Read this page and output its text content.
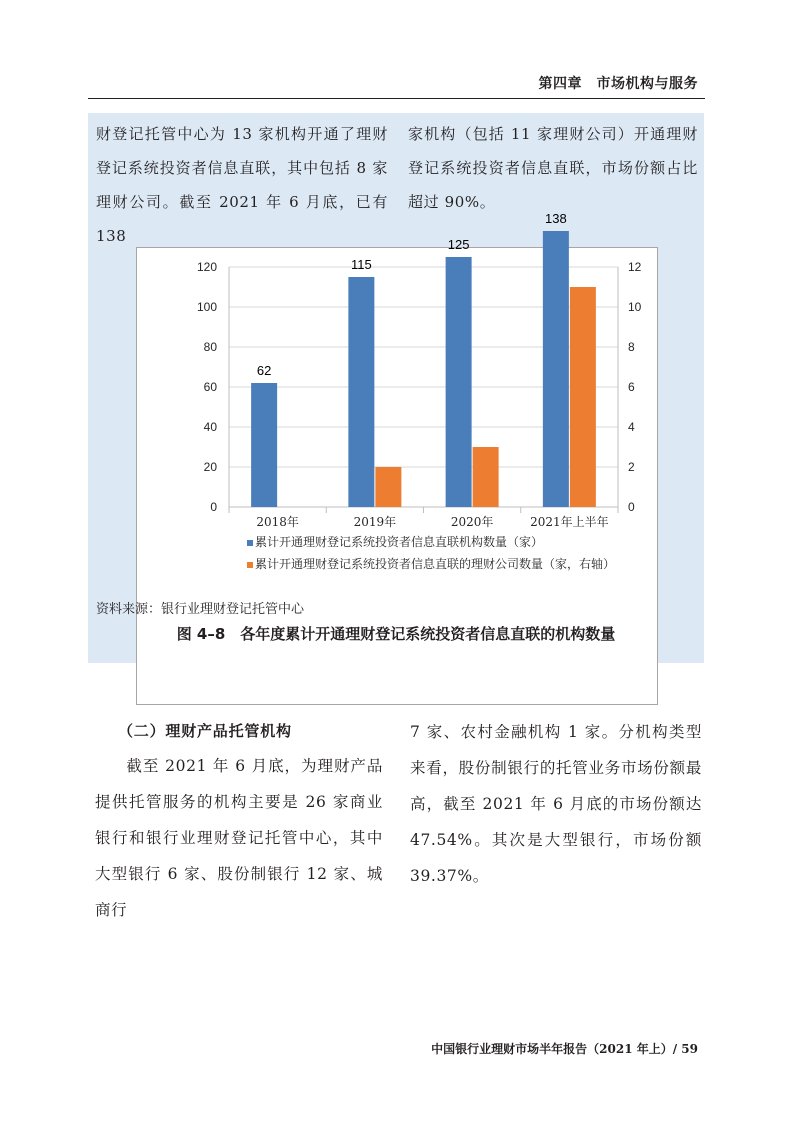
第四章　市场机构与服务
财登记托管中心为 13 家机构开通了理财登记系统投资者信息直联，其中包括 8 家理财公司。截至 2021 年 6 月底，已有 138
家机构（包括 11 家理财公司）开通理财登记系统投资者信息直联，市场份额占比超过 90%。
0
20
40
60
80
100
120
0
2
4
6
8
10
12
2018年
62
2019年
115
2020年
125
2021年上半年
138
累计开通理财登记系统投资者信息直联机构数量（家）
累计开通理财登记系统投资者信息直联的理财公司数量（家，右轴）
资料来源：银行业理财登记托管中心
图 4–8　各年度累计开通理财登记系统投资者信息直联的机构数量
（二）理财产品托管机构
截至 2021 年 6 月底，为理财产品提供托管服务的机构主要是 26 家商业银行和银行业理财登记托管中心，其中大型银行 6 家、股份制银行 12 家、城商行
7 家、农村金融机构 1 家。分机构类型来看，股份制银行的托管业务市场份额最高，截至 2021 年 6 月底的市场份额达 47.54%。其次是大型银行，市场份额 39.37%。
中国银行业理财市场半年报告（2021 年上）/ 59
